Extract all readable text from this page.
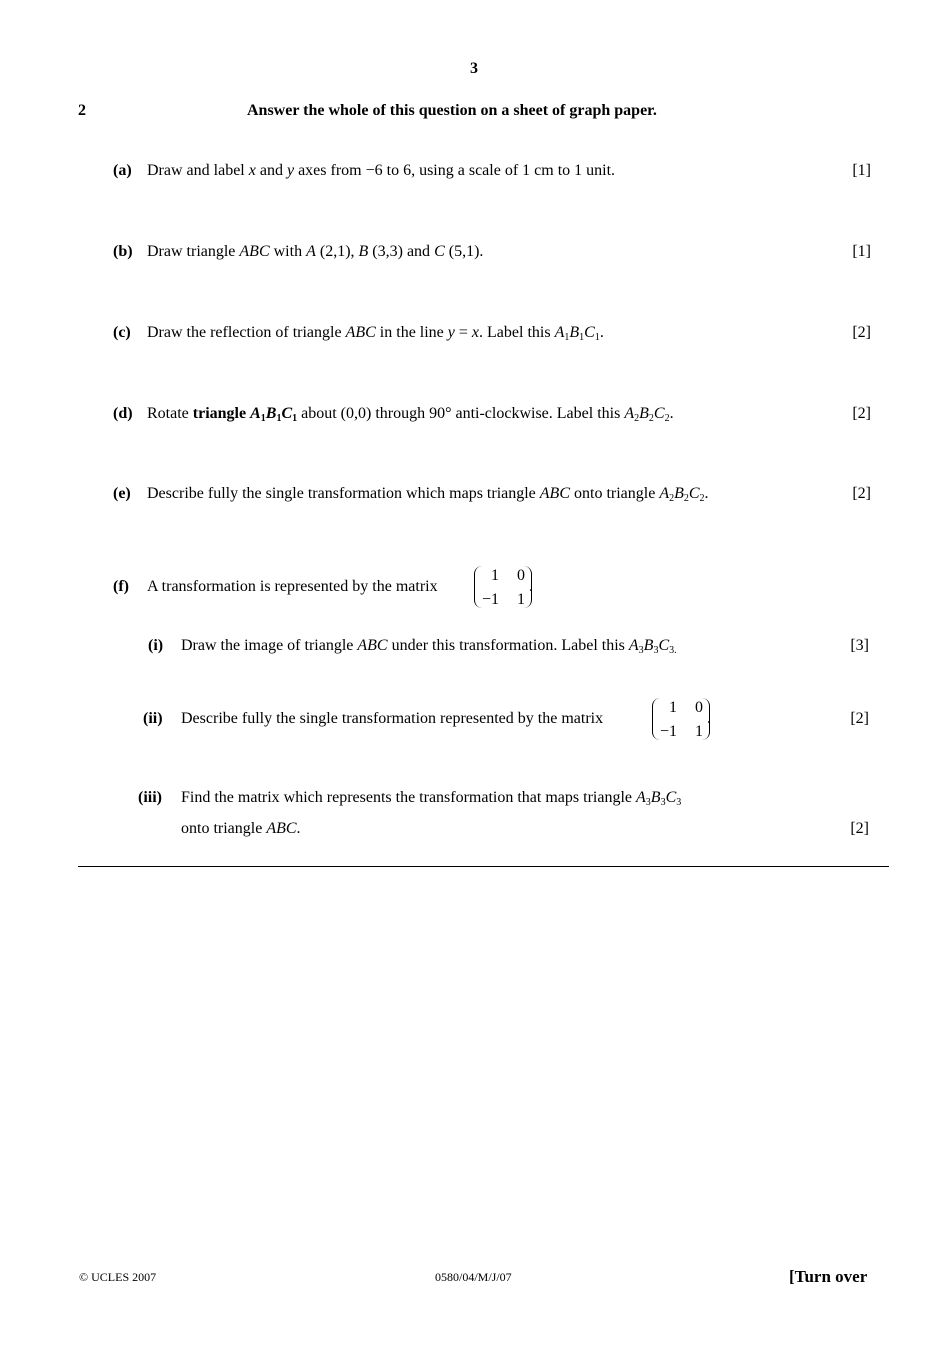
3
2	Answer the whole of this question on a sheet of graph paper.
(a) Draw and label x and y axes from −6 to 6, using a scale of 1 cm to 1 unit.	[1]
(b) Draw triangle ABC with A (2,1), B (3,3) and C (5,1).	[1]
(c) Draw the reflection of triangle ABC in the line y = x. Label this $A_1B_1C_1$.	[2]
(d) Rotate triangle $A_1B_1C_1$ about (0,0) through 90° anti-clockwise. Label this $A_2B_2C_2$.	[2]
(e) Describe fully the single transformation which maps triangle ABC onto triangle $A_2B_2C_2$.	[2]
(f) A transformation is represented by the matrix
1	0
−1	1
.
(i) Draw the image of triangle ABC under this transformation. Label this $A_3B_3C_{3.}$	[3]
(ii) Describe fully the single transformation represented by the matrix
1	0
−1	1
.	[2]
(iii) Find the matrix which represents the transformation that maps triangle $A_3B_3C_3$
onto triangle ABC.	[2]
© UCLES 2007	0580/04/M/J/07	[Turn over
